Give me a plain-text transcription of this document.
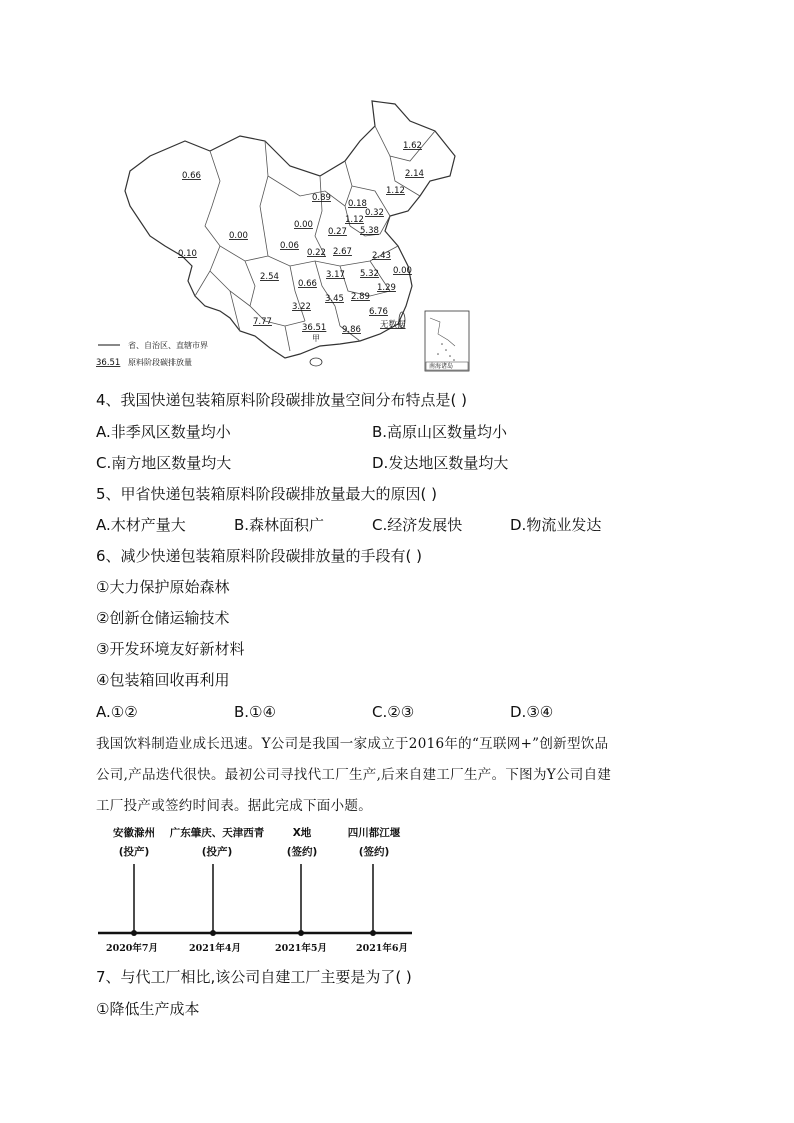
1.62
2.14
0.66
1.12
0.89
0.18
0.32
1.12
0.00
5.38
0.27
0.00
0.06
0.22 2.67 2.43
0.10
3.17 5.32 0.00
2.54
0.66	1.29
3.45 2.89
3.22	6.76
7.77
36.51 9.86 无数据
甲
省、自治区、直辖市界
36.51 原料阶段碳排放量	南海诸岛
4、我国快递包装箱原料阶段碳排放量空间分布特点是( )
A.非季风区数量均小	B.高原山区数量均小
C.南方地区数量均大	D.发达地区数量均大
5、甲省快递包装箱原料阶段碳排放量最大的原因( )
A.木材产量大	B.森林面积广	C.经济发展快	D.物流业发达
6、减少快递包装箱原料阶段碳排放量的手段有( )
①大力保护原始森林
②创新仓储运输技术
③开发环境友好新材料
④包装箱回收再利用
A.①②	B.①④	C.②③	D.③④
我国饮料制造业成长迅速。Y公司是我国一家成立于2016年的“互联网+”创新型饮品
公司,产品迭代很快。最初公司寻找代工厂生产,后来自建工厂生产。下图为Y公司自建
工厂投产或签约时间表。据此完成下面小题。
安徽滁州
(投产)
2020年7月
广东肇庆、天津西青
(投产)
2021年4月
X地
(签约)
2021年5月
四川都江堰
(签约)
2021年6月
7、与代工厂相比,该公司自建工厂主要是为了( )
①降低生产成本
